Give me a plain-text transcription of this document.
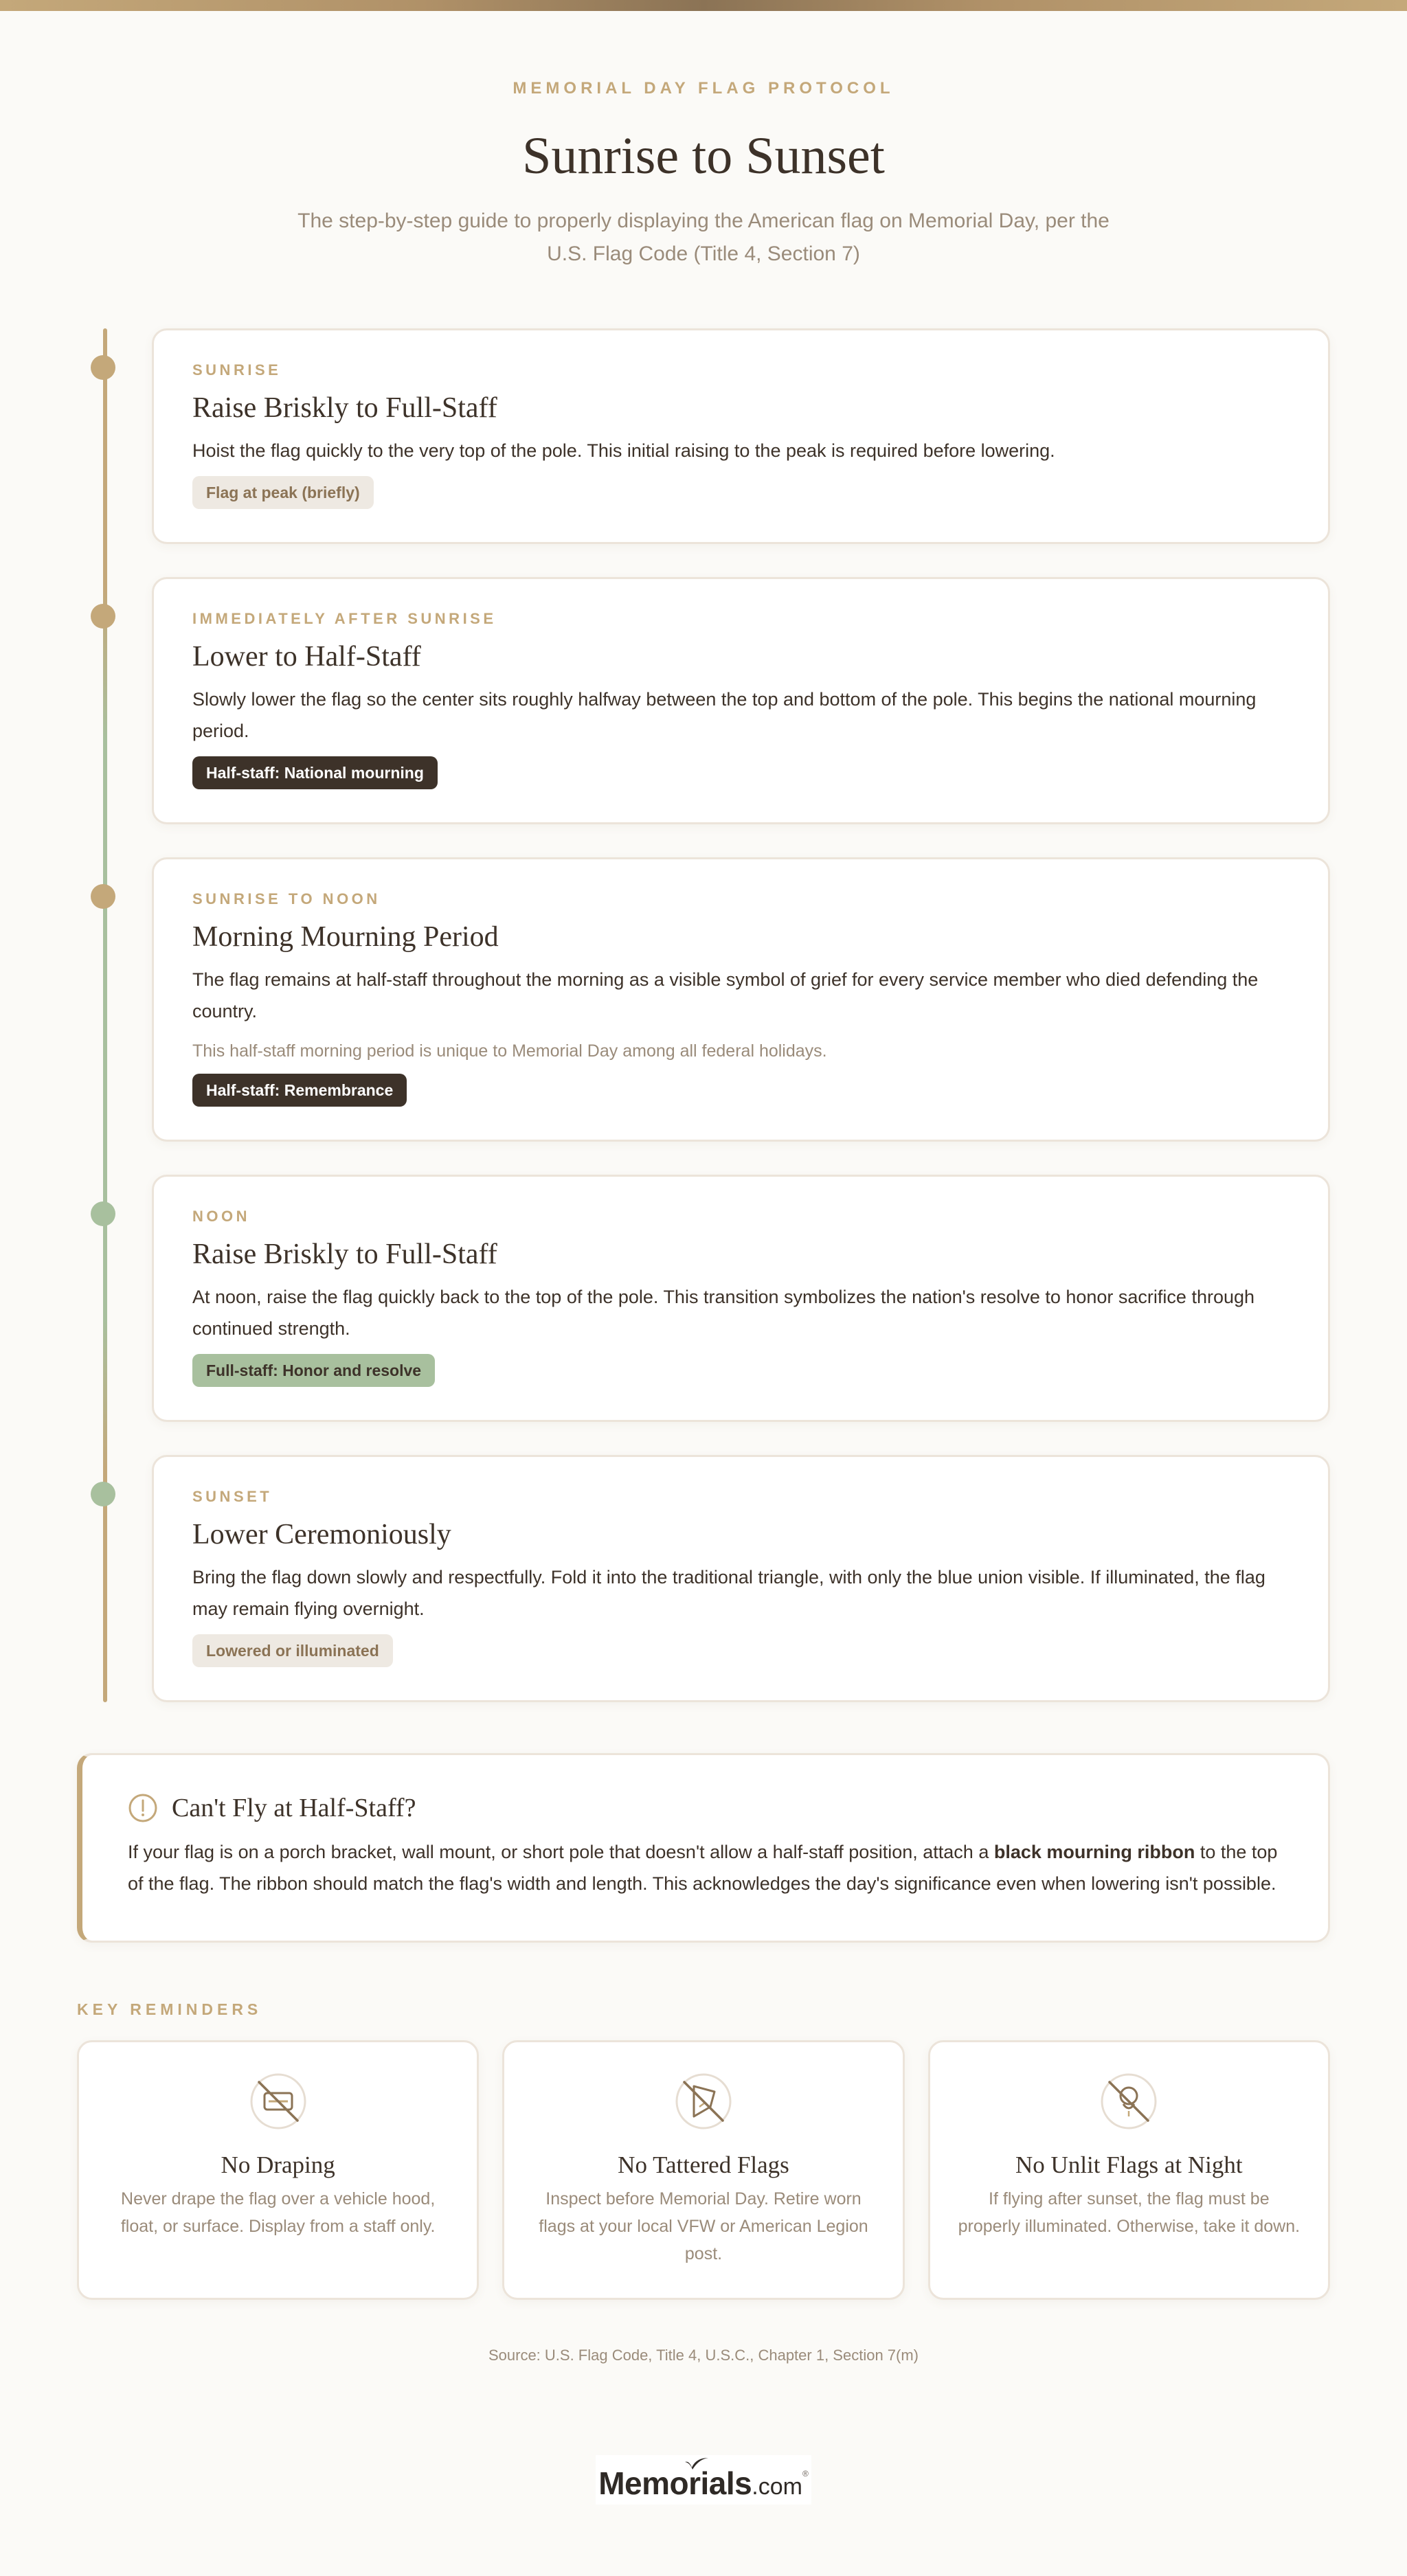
MEMORIAL DAY FLAG PROTOCOL
Sunrise to Sunset

The step-by-step guide to properly displaying the American flag on Memorial Day, per the U.S. Flag Code (Title 4, Section 7)

SUNRISE
Raise Briskly to Full-Staff

Hoist the flag quickly to the very top of the pole. This initial raising to the peak is required before lowering.

Flag at peak (briefly)
IMMEDIATELY AFTER SUNRISE
Lower to Half-Staff

Slowly lower the flag so the center sits roughly halfway between the top and bottom of the pole. This begins the national mourning period.

Half-staff: National mourning
SUNRISE TO NOON
Morning Mourning Period

The flag remains at half-staff throughout the morning as a visible symbol of grief for every service member who died defending the country.

This half-staff morning period is unique to Memorial Day among all federal holidays.

Half-staff: Remembrance
NOON
Raise Briskly to Full-Staff

At noon, raise the flag quickly back to the top of the pole. This transition symbolizes the nation's resolve to honor sacrifice through continued strength.

Full-staff: Honor and resolve
SUNSET
Lower Ceremoniously

Bring the flag down slowly and respectfully. Fold it into the traditional triangle, with only the blue union visible. If illuminated, the flag may remain flying overnight.

Lowered or illuminated
Can't Fly at Half-Staff?

If your flag is on a porch bracket, wall mount, or short pole that doesn't allow a half-staff position, attach a black mourning ribbon to the top of the flag. The ribbon should match the flag's width and length. This acknowledges the day's significance even when lowering isn't possible.

KEY REMINDERS
No Draping

Never drape the flag over a vehicle hood, float, or surface. Display from a staff only.

No Tattered Flags

Inspect before Memorial Day. Retire worn flags at your local VFW or American Legion post.

No Unlit Flags at Night

If flying after sunset, the flag must be properly illuminated. Otherwise, take it down.

Source: U.S. Flag Code, Title 4, U.S.C., Chapter 1, Section 7(m)

Memorials.com®
